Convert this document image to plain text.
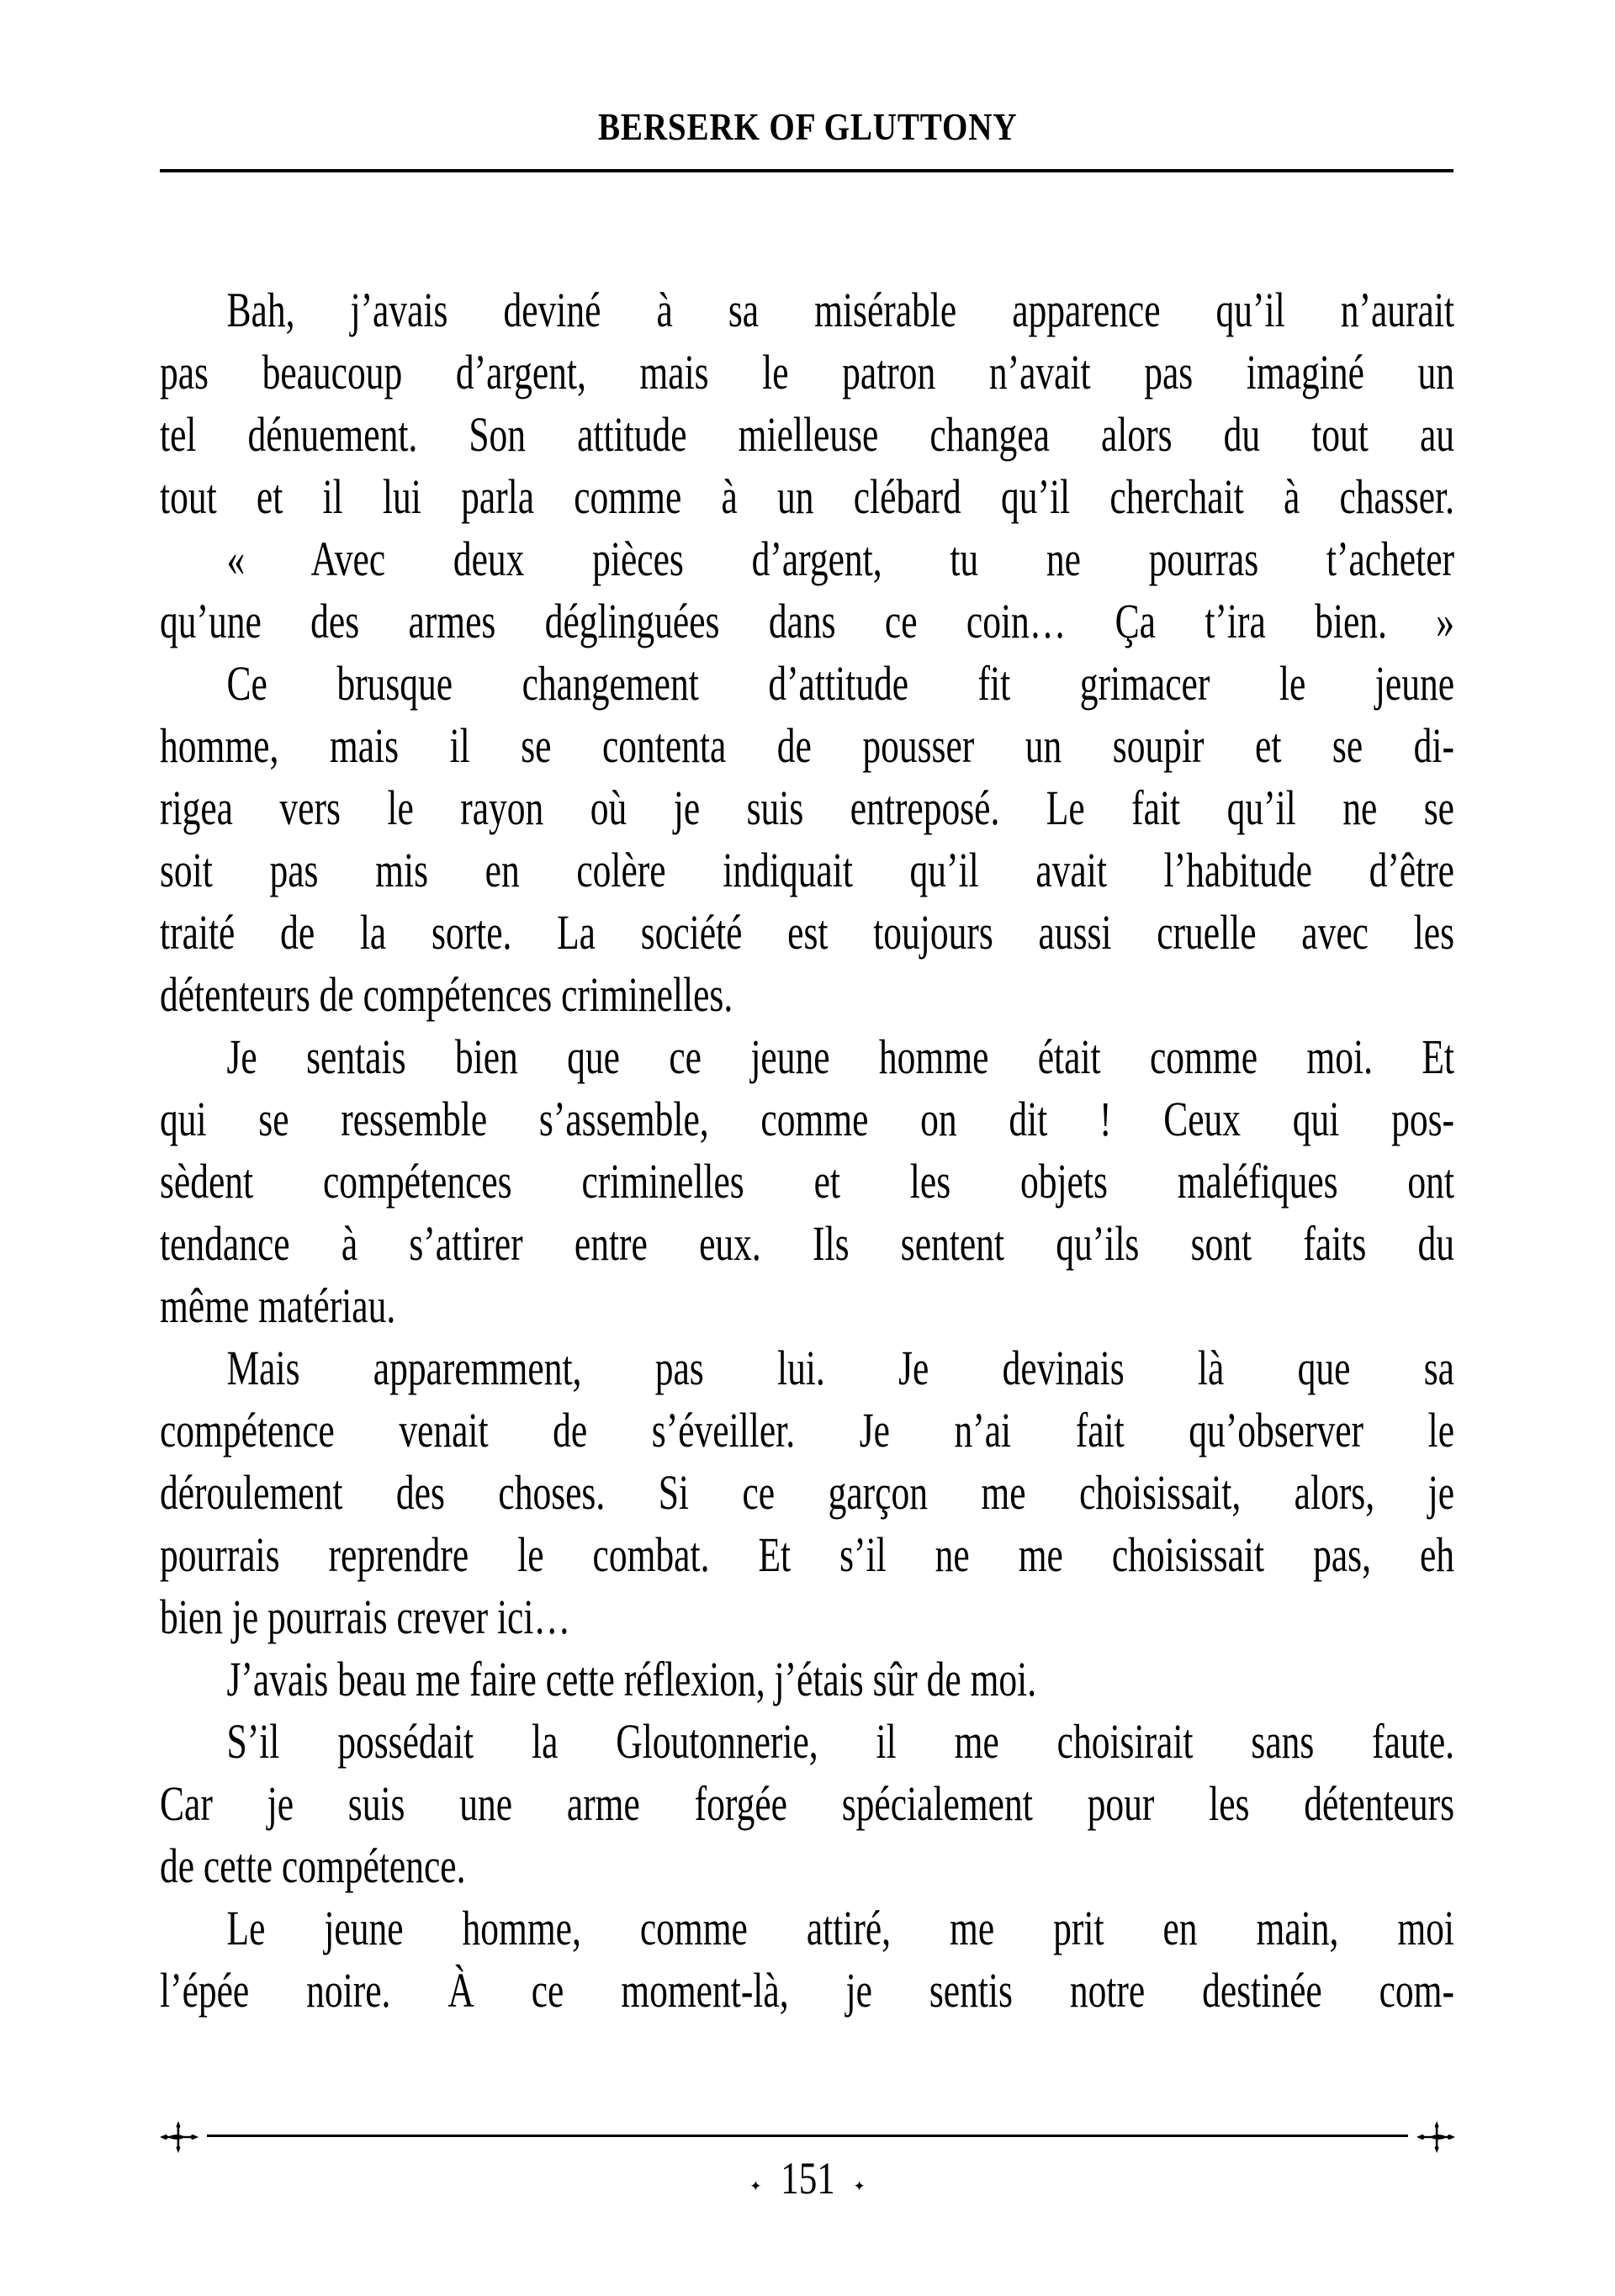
BERSERK OF GLUTTONY
Bah, j’avais deviné à sa misérable apparence qu’il n’aurait
pas beaucoup d’argent, mais le patron n’avait pas imaginé un
tel dénuement. Son attitude mielleuse changea alors du tout au
tout et il lui parla comme à un clébard qu’il cherchait à chasser.
« Avec deux pièces d’argent, tu ne pourras t’acheter
qu’une des armes déglinguées dans ce coin… Ça t’ira bien. »
Ce brusque changement d’attitude fit grimacer le jeune
homme, mais il se contenta de pousser un soupir et se di-
rigea vers le rayon où je suis entreposé. Le fait qu’il ne se
soit pas mis en colère indiquait qu’il avait l’habitude d’être
traité de la sorte. La société est toujours aussi cruelle avec les
détenteurs de compétences criminelles.
Je sentais bien que ce jeune homme était comme moi. Et
qui se ressemble s’assemble, comme on dit ! Ceux qui pos-
sèdent compétences criminelles et les objets maléfiques ont
tendance à s’attirer entre eux. Ils sentent qu’ils sont faits du
même matériau.
Mais apparemment, pas lui. Je devinais là que sa
compétence venait de s’éveiller. Je n’ai fait qu’observer le
déroulement des choses. Si ce garçon me choisissait, alors, je
pourrais reprendre le combat. Et s’il ne me choisissait pas, eh
bien je pourrais crever ici…
J’avais beau me faire cette réflexion, j’étais sûr de moi.
S’il possédait la Gloutonnerie, il me choisirait sans faute.
Car je suis une arme forgée spécialement pour les détenteurs
de cette compétence.
Le jeune homme, comme attiré, me prit en main, moi
l’épée noire. À ce moment-là, je sentis notre destinée com-
✦ 151 ✦
